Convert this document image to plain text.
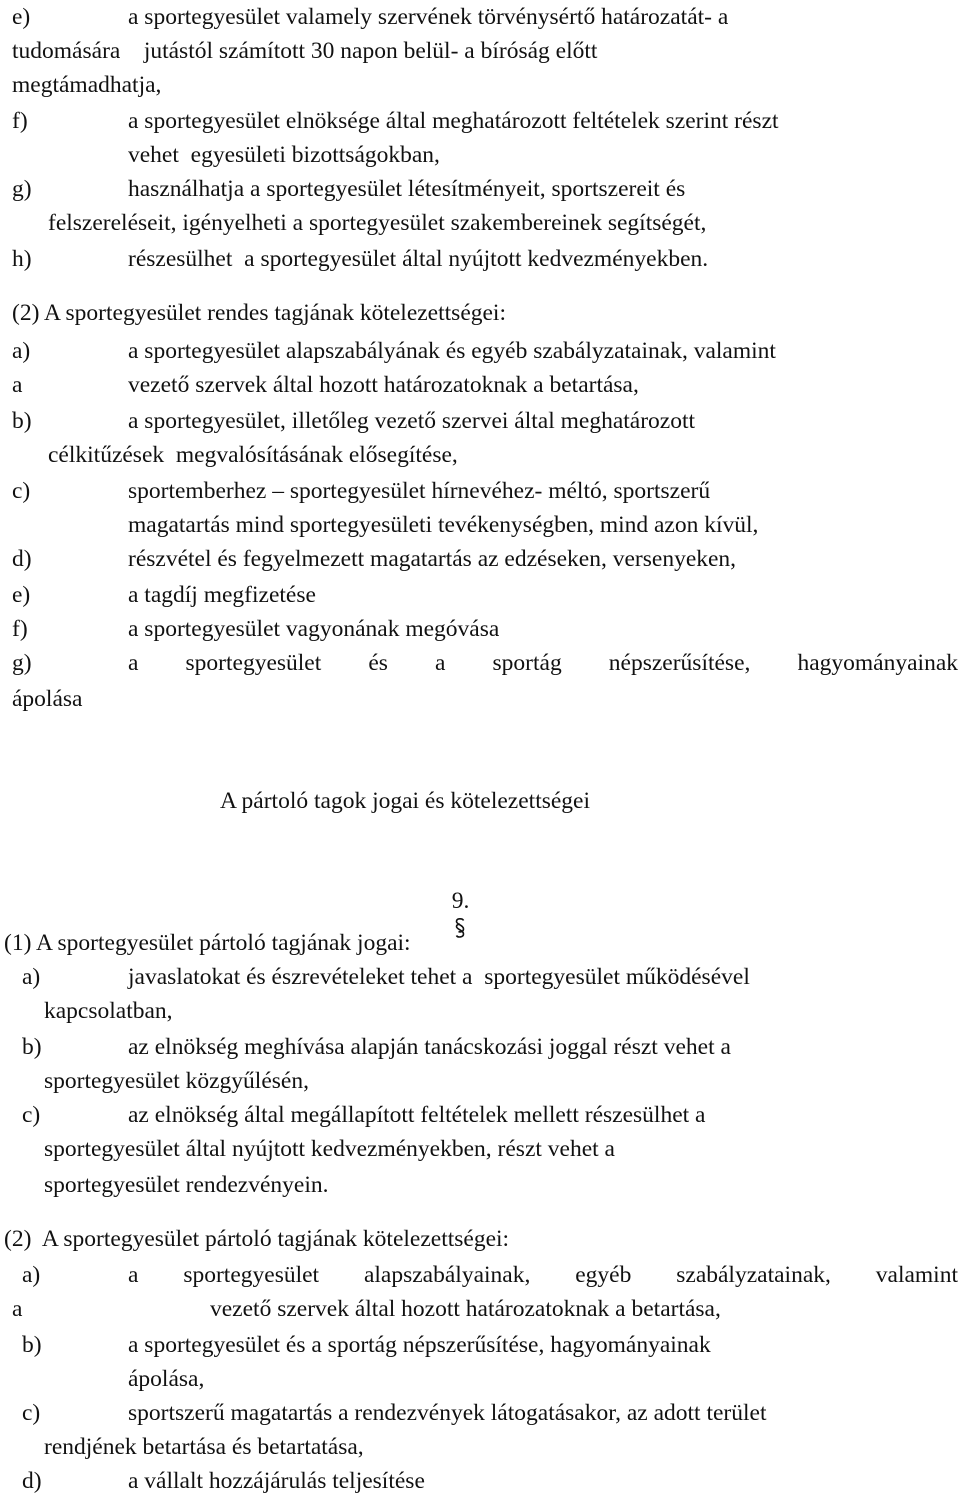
e)	a sportegyesület valamely szervének törvénysértő határozatát- a
tudomására    jutástól számított 30 napon belül- a bíróság előtt
megtámadhatja,
f)	a sportegyesület elnöksége által meghatározott feltételek szerint részt
vehet  egyesületi bizottságokban,
g)	használhatja a sportegyesület létesítményeit, sportszereit és
felszereléseit, igényelheti a sportegyesület szakembereinek segítségét,
h)	részesülhet  a sportegyesület által nyújtott kedvezményekben.
(2) A sportegyesület rendes tagjának kötelezettségei:
a)	a sportegyesület alapszabályának és egyéb szabályzatainak, valamint
a	vezető szervek által hozott határozatoknak a betartása,
b)	a sportegyesület, illetőleg vezető szervei által meghatározott
célkitűzések  megvalósításának elősegítése,
c)	sportemberhez – sportegyesület hírnevéhez- méltó, sportszerű
magatartás mind sportegyesületi tevékenységben, mind azon kívül,
d)	részvétel és fegyelmezett magatartás az edzéseken, versenyeken,
e)	a tagdíj megfizetése
f)	a sportegyesület vagyonának megóvása
g)	a sportegyesület és a sportág népszerűsítése, hagyományainak
ápolása
A pártoló tagok jogai és kötelezettségei

9.

(1) A sportegyesület pártoló tagjának jogai:
a)	javaslatokat és észrevételeket tehet a  sportegyesület működésével
kapcsolatban,
b)	az elnökség meghívása alapján tanácskozási joggal részt vehet a
sportegyesület közgyűlésén,
c)	az elnökség által megállapított feltételek mellett részesülhet a
sportegyesület által nyújtott kedvezményekben, részt vehet a
sportegyesület rendezvényein.
(2)  A sportegyesület pártoló tagjának kötelezettségei:
a)	a sportegyesület alapszabályainak, egyéb szabályzatainak, valamint
a	vezető szervek által hozott határozatoknak a betartása,
b)	a sportegyesület és a sportág népszerűsítése, hagyományainak
ápolása,
c)	sportszerű magatartás a rendezvények látogatásakor, az adott terület
rendjének betartása és betartatása,
d)	a vállalt hozzájárulás teljesítése
